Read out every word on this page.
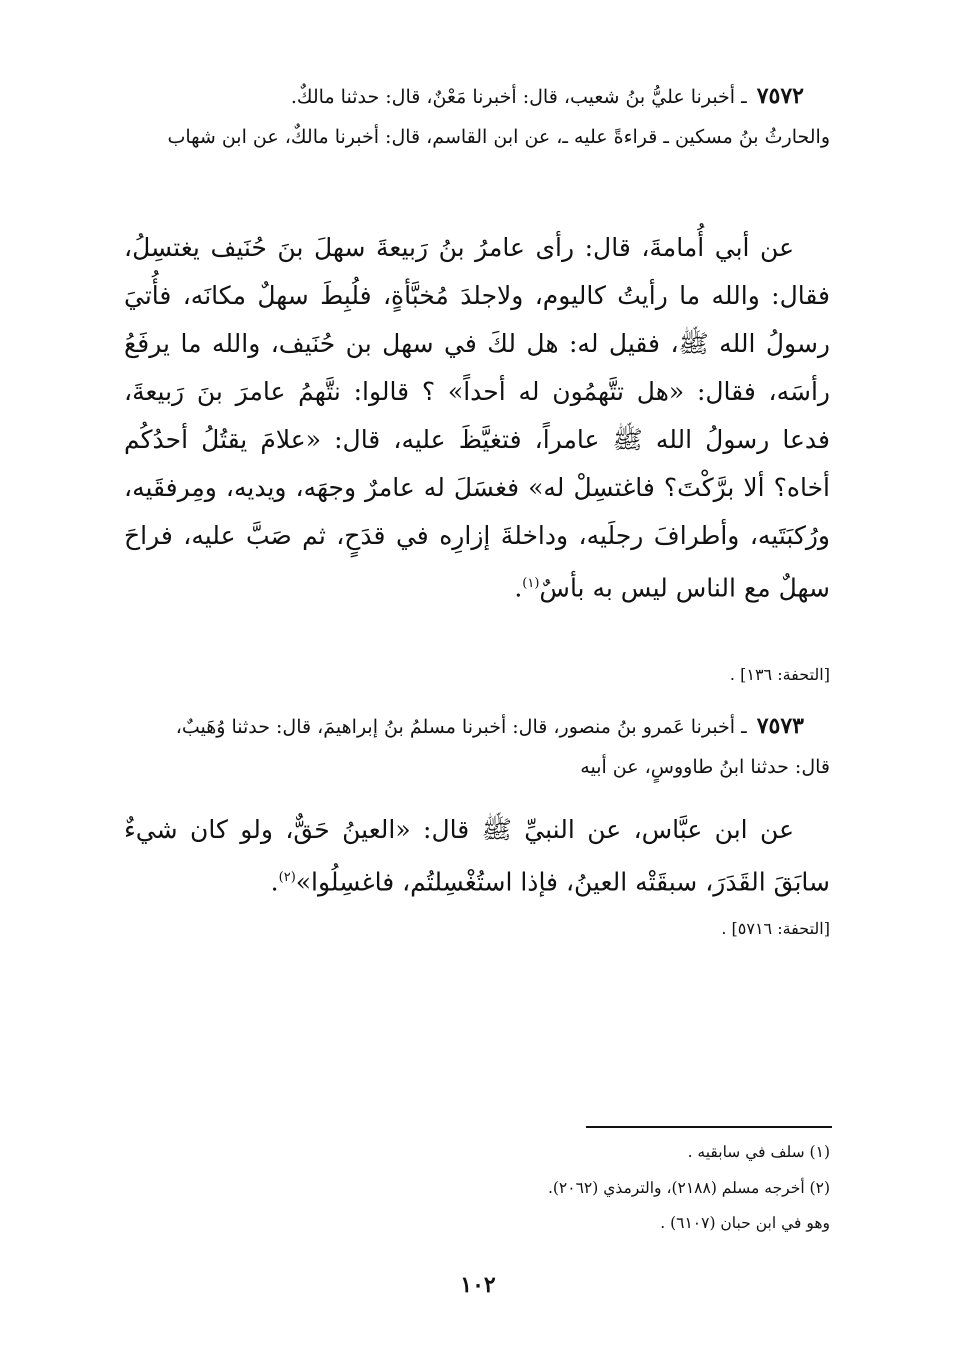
٧٥٧٢ ـ أخبرنا عليُّ بنُ شعيب، قال: أخبرنا مَعْنٌ، قال: حدثنا مالكٌ.
والحارثُ بنُ مسكين ـ قراءةً عليه ـ، عن ابن القاسم، قال: أخبرنا مالكٌ، عن ابن شهاب
عن أبي أُمامةَ، قال: رأى عامرُ بنُ رَبيعةَ سهلَ بنَ حُنَيف يغتسِلُ، فقال: والله ما رأيتُ كاليوم، ولاجلدَ مُخبَّأةٍ، فلُبِطَ سهلٌ مكانَه، فأُتيَ رسولُ الله ﷺ، فقيل له: هل لكَ في سهل بن حُنَيف، والله ما يرفَعُ رأسَه، فقال: «هل تتَّهمُون له أحداً» ؟ قالوا: نتَّهمُ عامرَ بنَ رَبيعةَ، فدعا رسولُ الله ﷺ عامراً، فتغيَّظَ عليه، قال: «علامَ يقتُلُ أحدُكُم أخاه؟ ألا برَّكْتَ؟ فاغتسِلْ له» فغسَلَ له عامرٌ وجهَه، ويديه، ومِرفقَيه، ورُكبَتَيه، وأطرافَ رجلَيه، وداخلةَ إزارِه في قدَحٍ، ثم صَبَّ عليه، فراحَ سهلٌ مع الناس ليس به بأسٌ$^{(١)}$.
[التحفة: ١٣٦] .
٧٥٧٣ ـ أخبرنا عَمرو بنُ منصور، قال: أخبرنا مسلمُ بنُ إبراهيمَ، قال: حدثنا وُهَيبٌ،
قال: حدثنا ابنُ طاووسٍ، عن أبيه
عن ابن عبَّاس، عن النبيِّ ﷺ قال: «العينُ حَقٌّ، ولو كان شيءٌ سابَقَ القَدَرَ، سبقَتْه العينُ، فإذا استُغْسِلتُم، فاغسِلُوا»$^{(٢)}$.
[التحفة: ٥٧١٦] .
(١) سلف في سابقيه .
(٢) أخرجه مسلم (٢١٨٨)، والترمذي (٢٠٦٢).
وهو في ابن حبان (٦١٠٧) .
١٠٢
